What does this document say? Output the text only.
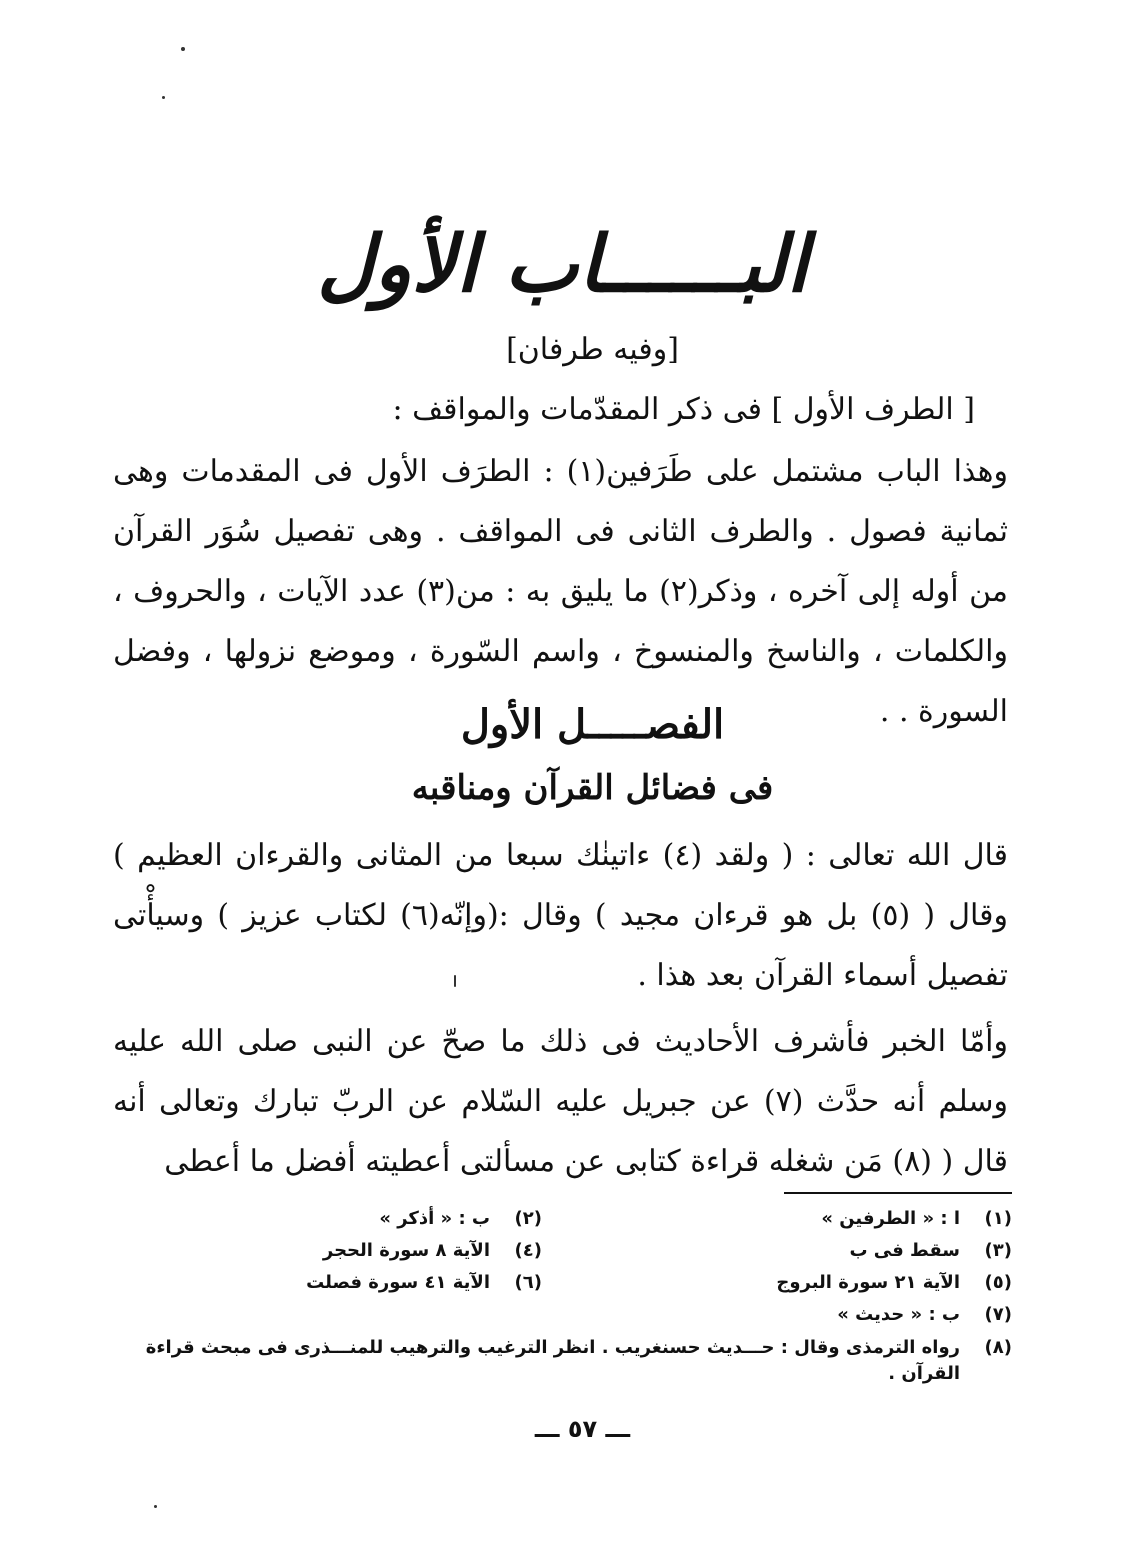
البــــــاب الأول

[وفيه طرفان]

[ الطرف الأول ] فى ذكر المقدّمات والمواقف :

وهذا الباب مشتمل على طَرَفين(١) : الطرَف الأول فى المقدمات وهى ثمانية فصول . والطرف الثانى فى المواقف . وهى تفصيل سُوَر القرآن من أوله إلى آخره ، وذكر(٢) ما يليق به : من(٣) عدد الآيات ، والحروف ، والكلمات ، والناسخ والمنسوخ ، واسم السّورة ، وموضع نزولها ، وفضل السورة . .

الفصـــــل الأول
فى فضائل القرآن ومناقبه

قال الله تعالى : ( ولقد (٤) ءاتينٰك سبعا من المثانى والقرءان العظيم ) وقال ( (٥) بل هو قرءان مجيد ) وقال :(وإنّه(٦) لكتاب عزيز ) وسيأْتى تفصيل أسماء القرآن بعد هذا .

وأمّا الخبر فأشرف الأحاديث فى ذلك ما صحّ عن النبى صلى الله عليه وسلم أنه حدَّث (٧) عن جبريل عليه السّلام عن الربّ تبارك وتعالى أنه قال ( (٨) مَن شغله قراءة كتابى عن مسألتى أعطيته أفضل ما أعطى

(١)
ا : « الطرفين »
(٢)
ب : « أذكر »
(٣)
سقط فى ب
(٤)
الآية ٨ سورة الحجر
(٥)
الآية ٢١ سورة البروج
(٦)
الآية ٤١ سورة فصلت
(٧)
ب : « حديث »
(٨)
رواه الترمذى وقال : حـــديث حسنغريب . انظر الترغيب والترهيب للمنـــذرى فى مبحث قراءة القرآن .

ـــ ٥٧ ـــ
